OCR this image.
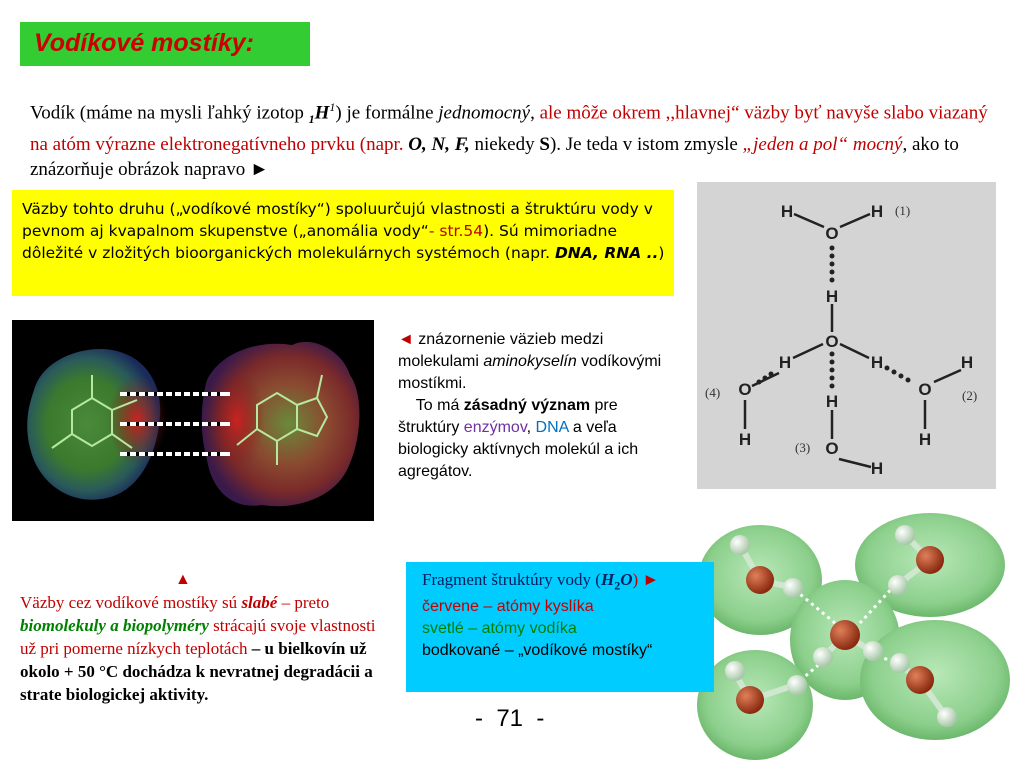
Vodíkové mostíky:
Vodík (máme na mysli ľahký izotop $_1H^1$) je formálne jednomocný, ale môže okrem ,,hlavnej“ väzby byť navyše slabo viazaný na atóm výrazne elektronegatívneho prvku (napr. O, N, F, niekedy S). Je teda v istom zmysle „jeden a pol“ mocný, ako to znázorňuje obrázok napravo ►
Väzby tohto druhu („vodíkové mostíky“) spoluurčujú vlastnosti a štruktúru vody v pevnom aj kvapalnom skupenstve („anomália vody“- str.54). Sú mimoriadne dôležité v zložitých bioorganických molekulárnych systémoch (napr. DNA, RNA ..)
◄ znázornenie väzieb medzi molekulami aminokyselín vodíkovými mostíkmi.
To má zásadný význam pre štruktúry enzýmov, DNA a veľa biologicky aktívnych molekúl a ich agregátov.
H	H
O
H
O
H	H	H
O	O
H
H	H
O
H
(1)
(2)
(3)
(4)
▲
Väzby cez vodíkové mostíky sú slabé – preto biomolekuly a biopolyméry strácajú svoje vlastnosti už pri pomerne nízkych teplotách – u bielkovín už okolo + 50 °C dochádza k nevratnej degradácii a strate biologickej aktivity.
Fragment štruktúry vody $(H_2O)$ ►
červene – atómy kyslíka
svetlé – atómy vodíka
bodkované – „vodíkové mostíky“
-  71  -
